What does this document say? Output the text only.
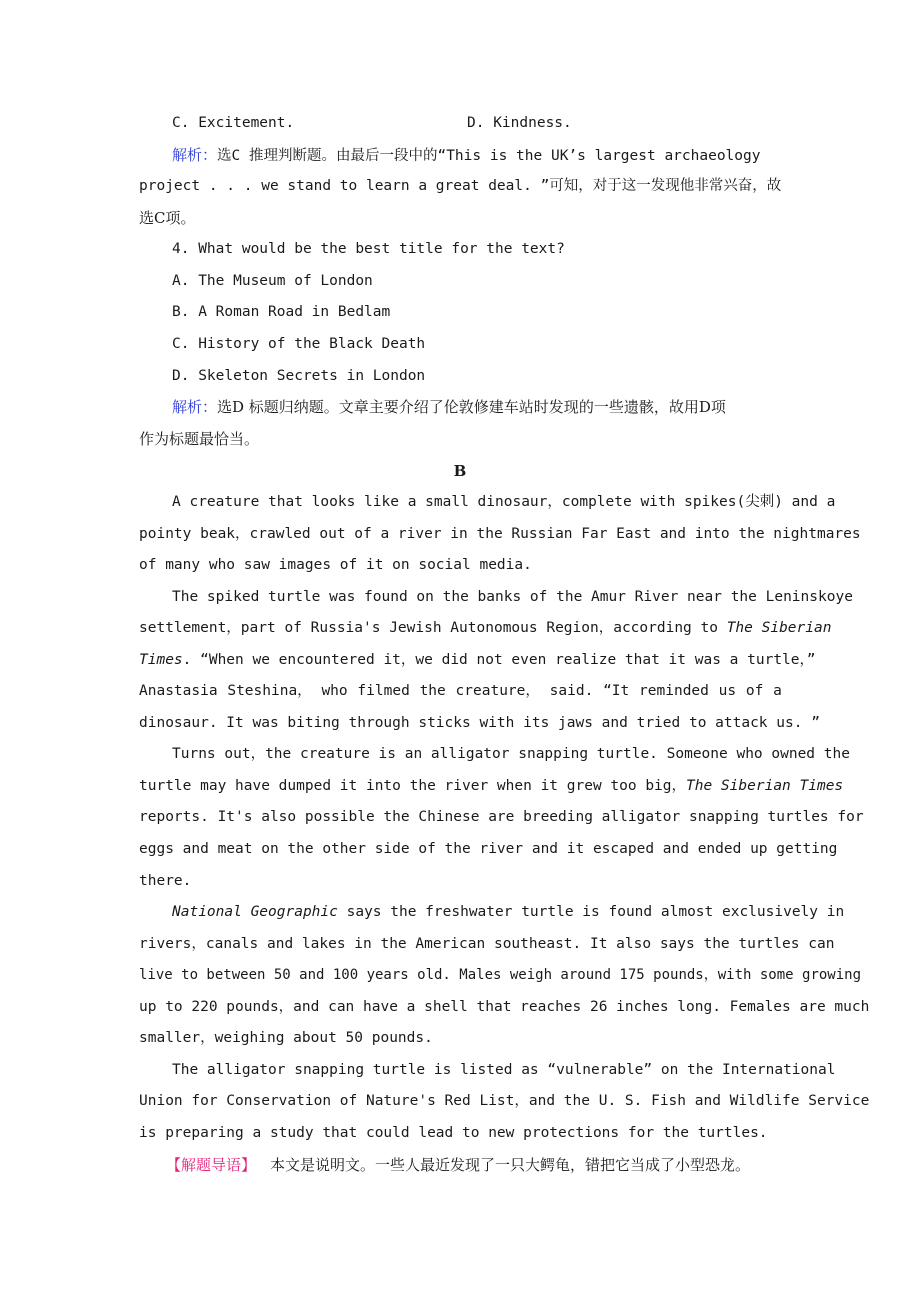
C. Excitement.	D. Kindness.
解析：选C 推理判断题。由最后一段中的“This is the UK’s largest archaeology
project . . . we stand to learn a great deal. ”可知，对于这一发现他非常兴奋，故
选C项。
4. What would be the best title for the text?
A. The Museum of London
B. A Roman Road in Bedlam
C. History of the Black Death
D. Skeleton Secrets in London
解析：选D 标题归纳题。文章主要介绍了伦敦修建车站时发现的一些遗骸，故用D项
作为标题最恰当。
B
A creature that looks like a small dinosaur，complete with spikes(尖刺) and a
pointy beak，crawled out of a river in the Russian Far East and into the nightmares
of many who saw images of it on social media.
The spiked turtle was found on the banks of the Amur River near the Leninskoye
settlement，part of Russia's Jewish Autonomous Region，according to The Siberian
Times. “When we encountered it，we did not even realize that it was a turtle，”
Anastasia Steshina， who filmed the creature， said. “It reminded us of a
dinosaur. It was biting through sticks with its jaws and tried to attack us. ”
Turns out，the creature is an alligator snapping turtle. Someone who owned the
turtle may have dumped it into the river when it grew too big，The Siberian Times
reports. It's also possible the Chinese are breeding alligator snapping turtles for
eggs and meat on the other side of the river and it escaped and ended up getting
there.
National Geographic says the freshwater turtle is found almost exclusively in
rivers，canals and lakes in the American southeast. It also says the turtles can
live to between 50 and 100 years old. Males weigh around 175 pounds，with some growing
up to 220 pounds，and can have a shell that reaches 26 inches long. Females are much
smaller，weighing about 50 pounds.
The alligator snapping turtle is listed as “vulnerable” on the International
Union for Conservation of Nature's Red List，and the U. S. Fish and Wildlife Service
is preparing a study that could lead to new protections for the turtles.
【解题导语】 本文是说明文。一些人最近发现了一只大鳄龟，错把它当成了小型恐龙。
